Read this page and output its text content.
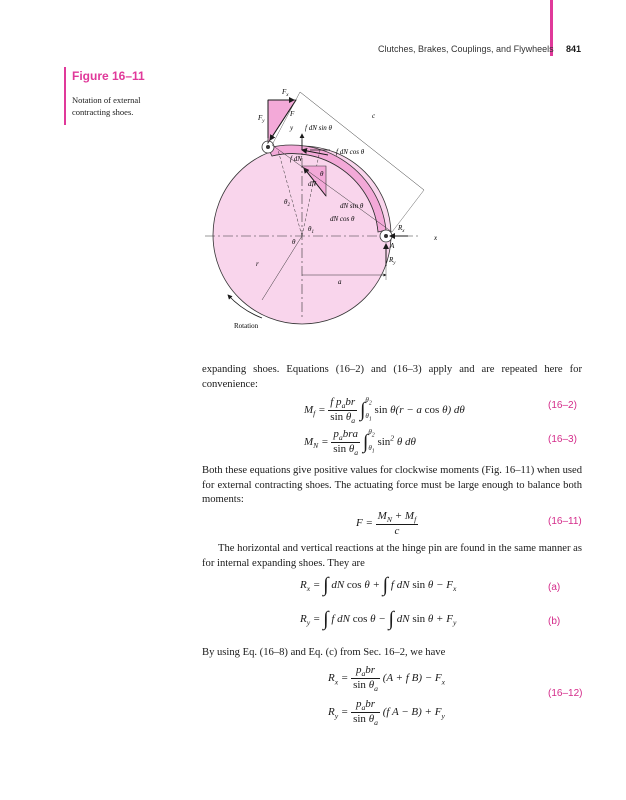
Clutches, Brakes, Couplings, and Flywheels 841
Figure 16–11
Notation of external contracting shoes.
$F_x$
F
$F_y$
y f dN sin θ
f dN cos θ
f dN
dN
θ
$\theta_2$	dN sin θ
dN cos θ
$\theta_1$
θ
c
$R_x$
A
x
$R_y$
r
a
Rotation
expanding shoes. Equations (16–2) and (16–3) apply and are repeated here for convenience:
$M_f = \frac{f p_abr}{\sin \theta_a} \int\theta_2$
$\theta_1$ sin θ(r − a cos θ) dθ	(16–2)
$M_N = \frac{p_abra}{\sin \theta_a} \int\theta_2$
$\theta_1$ $\sin^2 \theta$ dθ	(16–3)
Both these equations give positive values for clockwise moments (Fig. 16–11) when used for external contracting shoes. The actuating force must be large enough to balance both moments:
$F = \frac{M_N + M_f}{c}$	(16–11)
The horizontal and vertical reactions at the hinge pin are found in the same manner as for internal expanding shoes. They are
$R_x$ = ∫ dN cos θ + ∫ f dN $\sin \theta - F_x$	(a)
$R_y$ = ∫ f dN cos θ − ∫ dN $\sin \theta + F_y$	(b)
By using Eq. (16–8) and Eq. (c) from Sec. 16–2, we have
$R_x = \frac{p_abr}{\sin \theta_a} (A + f$ $B) - F_x$
$R_y = \frac{p_abr}{\sin \theta_a} (f$ $A - B) + F_y$
(16–12)
